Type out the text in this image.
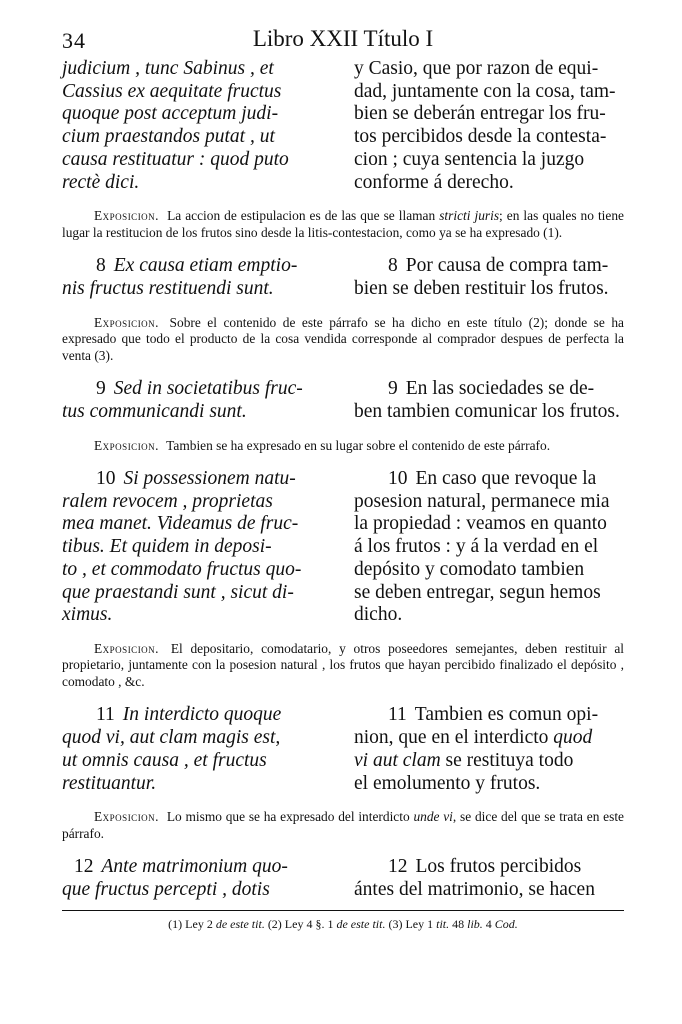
34	Libro XXII Título I
judicium , tunc Sabinus , et
Cassius ex aequitate fructus
quoque post acceptum judi-
cium praestandos putat , ut
causa restituatur : quod puto
rectè dici.
y Casio, que por razon de equi-
dad, juntamente con la cosa, tam-
bien se deberán entregar los fru-
tos percibidos desde la contesta-
cion ; cuya sentencia la juzgo
conforme á derecho.
Exposicion. La accion de estipulacion es de las que se llaman stricti juris; en las quales no tiene lugar la restitucion de los frutos sino desde la litis-contestacion, como ya se ha expresado (1).
8 Ex causa etiam emptio-
nis fructus restituendi sunt.
8 Por causa de compra tam-
bien se deben restituir los frutos.
Exposicion. Sobre el contenido de este párrafo se ha dicho en este título (2); donde se ha expresado que todo el producto de la cosa vendida corresponde al comprador despues de perfecta la venta (3).
9 Sed in societatibus fruc-
tus communicandi sunt.
9 En las sociedades se de-
ben tambien comunicar los frutos.
Exposicion. Tambien se ha expresado en su lugar sobre el contenido de este párrafo.
10 Si possessionem natu-
ralem revocem , proprietas
mea manet. Videamus de fruc-
tibus. Et quidem in deposi-
to , et commodato fructus quo-
que praestandi sunt , sicut di-
ximus.
10 En caso que revoque la
posesion natural, permanece mia
la propiedad : veamos en quanto
á los frutos : y á la verdad en el
depósito y comodato tambien
se deben entregar, segun hemos
dicho.
Exposicion. El depositario, comodatario, y otros poseedores semejantes, deben restituir al propietario, juntamente con la posesion natural , los frutos que hayan percibido finalizado el depósito , comodato , &c.
11 In interdicto quoque
quod vi, aut clam magis est,
ut omnis causa , et fructus
restituantur.
11 Tambien es comun opi-
nion, que en el interdicto quod
vi aut clam se restituya todo
el emolumento y frutos.
Exposicion. Lo mismo que se ha expresado del interdicto unde vi, se dice del que se trata en este párrafo.
12 Ante matrimonium quo-
que fructus percepti , dotis
12 Los frutos percibidos
ántes del matrimonio, se hacen
(1) Ley 2 de este tit. (2) Ley 4 §. 1 de este tit. (3) Ley 1 tit. 48 lib. 4 Cod.
